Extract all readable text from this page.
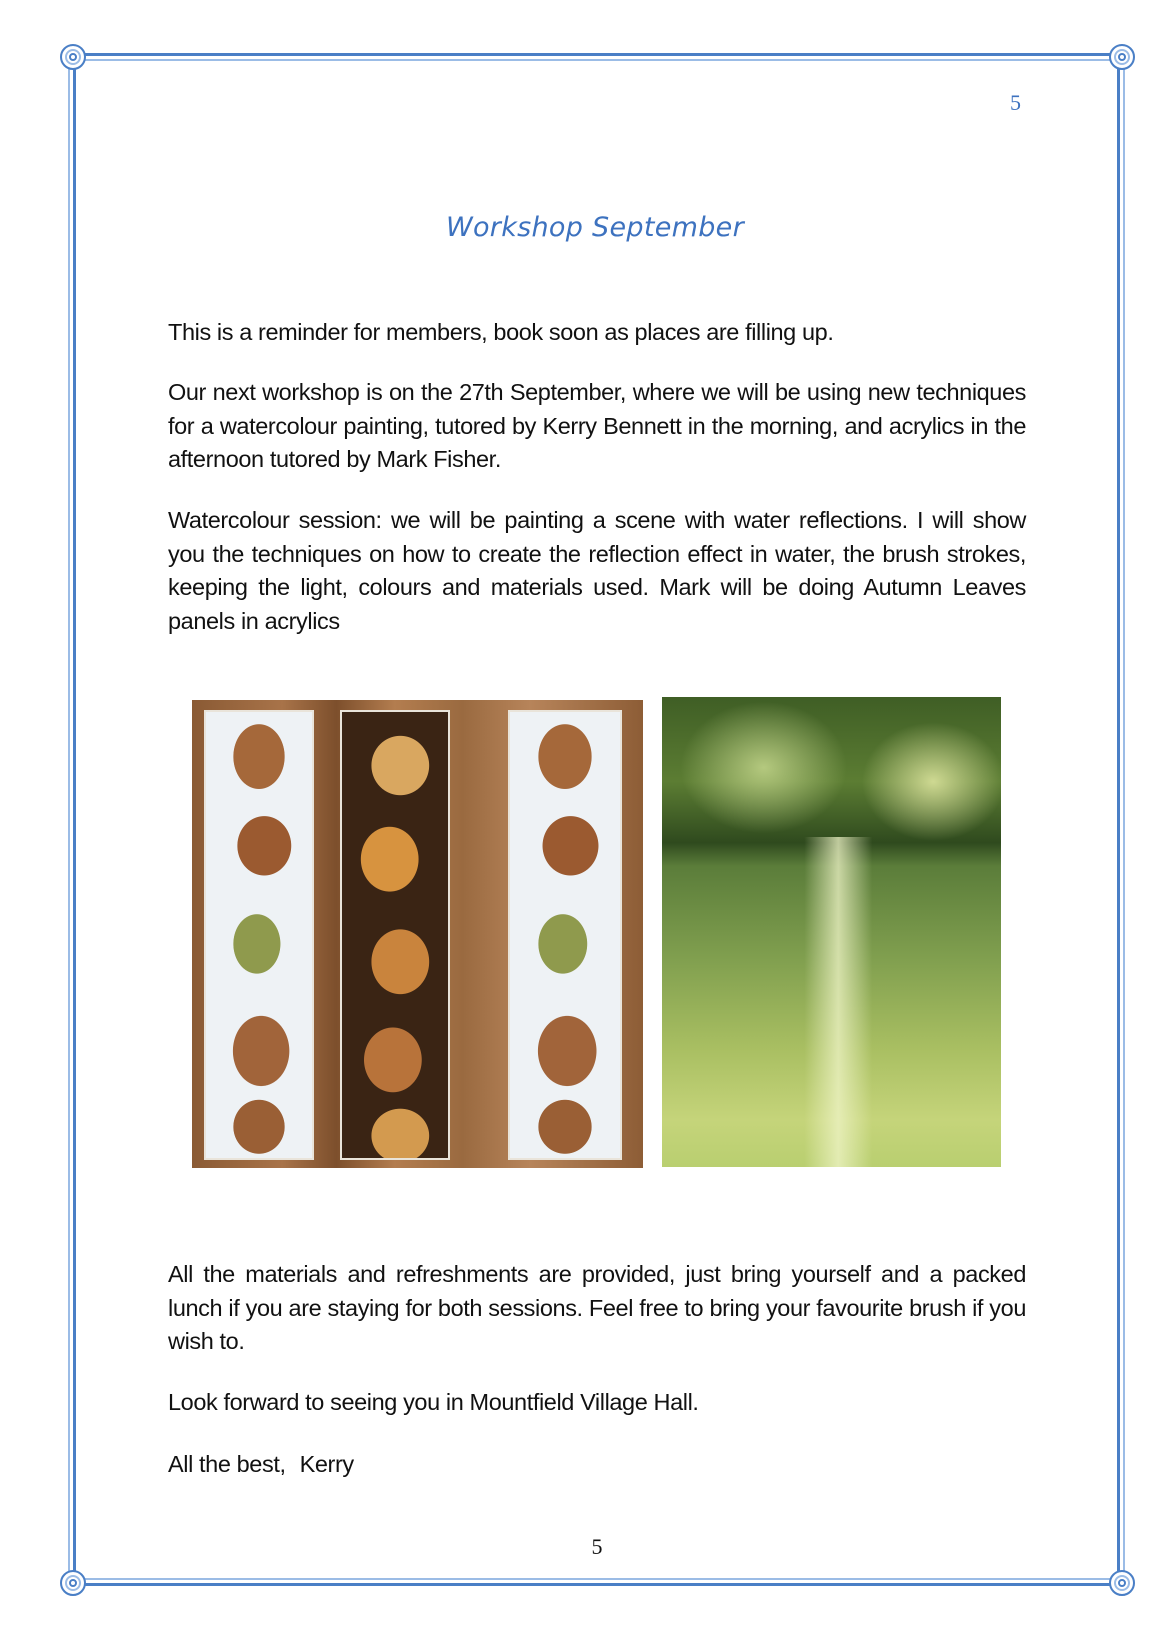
5
Workshop September

This is a reminder for members, book soon as places are filling up.

Our next workshop is on the 27th September, where we will be using new techniques for a watercolour painting, tutored by Kerry Bennett in the morning, and acrylics in the afternoon tutored by Mark Fisher.

Watercolour session: we will be painting a scene with water reflections. I will show you the techniques on how to create the reflection effect in water, the brush strokes, keeping the light, colours and materials used. Mark will be doing Autumn Leaves panels in acrylics

All the materials and refreshments are provided, just bring yourself and a packed lunch if you are staying for both sessions. Feel free to bring your favourite brush if you wish to.

Look forward to seeing you in Mountfield Village Hall.

All the best, Kerry

5
